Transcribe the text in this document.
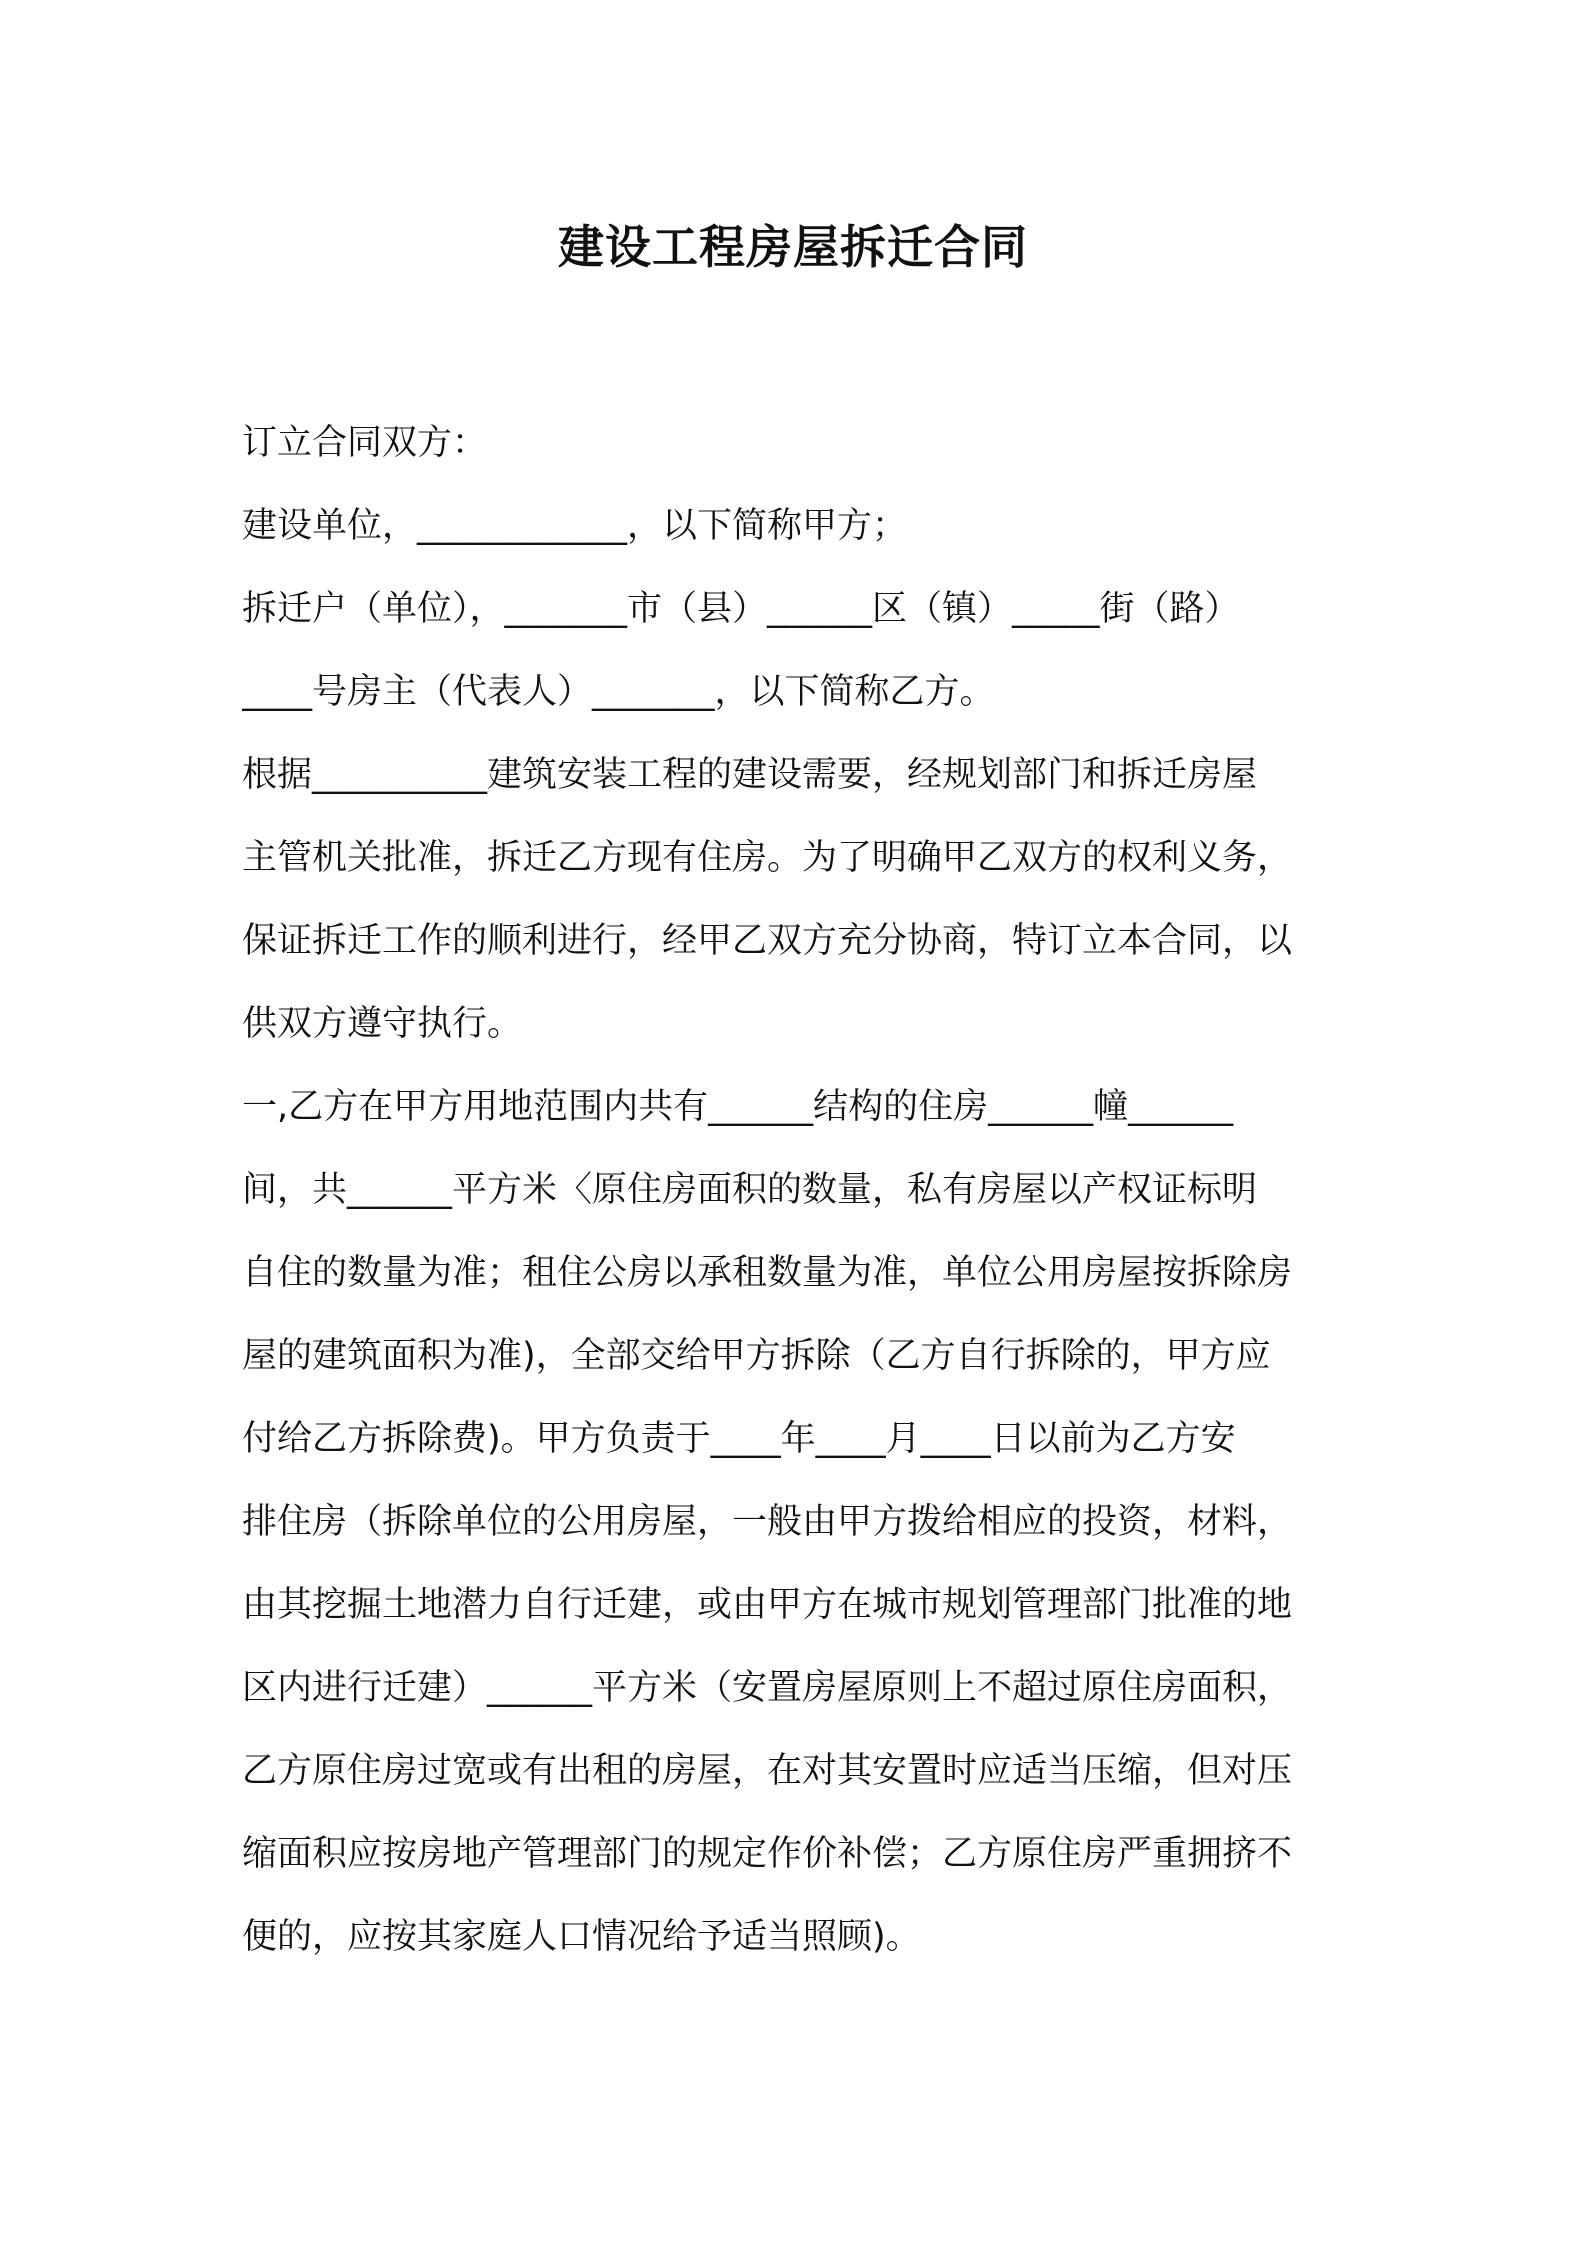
建设工程房屋拆迁合同
订立合同双方：
建设单位，____________，以下简称甲方；
拆迁户（单位），_______市（县）______区（镇）_____街（路）
____号房主（代表人）_______，以下简称乙方。
根据__________建筑安装工程的建设需要，经规划部门和拆迁房屋
主管机关批准，拆迁乙方现有住房。为了明确甲乙双方的权利义务，
保证拆迁工作的顺利进行，经甲乙双方充分协商，特订立本合同，以
供双方遵守执行。
一,乙方在甲方用地范围内共有______结构的住房______幢______
间，共______平方米〈原住房面积的数量，私有房屋以产权证标明
自住的数量为准；租住公房以承租数量为准，单位公用房屋按拆除房
屋的建筑面积为准)，全部交给甲方拆除（乙方自行拆除的，甲方应
付给乙方拆除费)。甲方负责于____年____月____日以前为乙方安
排住房（拆除单位的公用房屋，一般由甲方拨给相应的投资，材料，
由其挖掘土地潜力自行迁建，或由甲方在城市规划管理部门批准的地
区内进行迁建）______平方米（安置房屋原则上不超过原住房面积，
乙方原住房过宽或有出租的房屋，在对其安置时应适当压缩，但对压
缩面积应按房地产管理部门的规定作价补偿；乙方原住房严重拥挤不
便的，应按其家庭人口情况给予适当照顾)。
